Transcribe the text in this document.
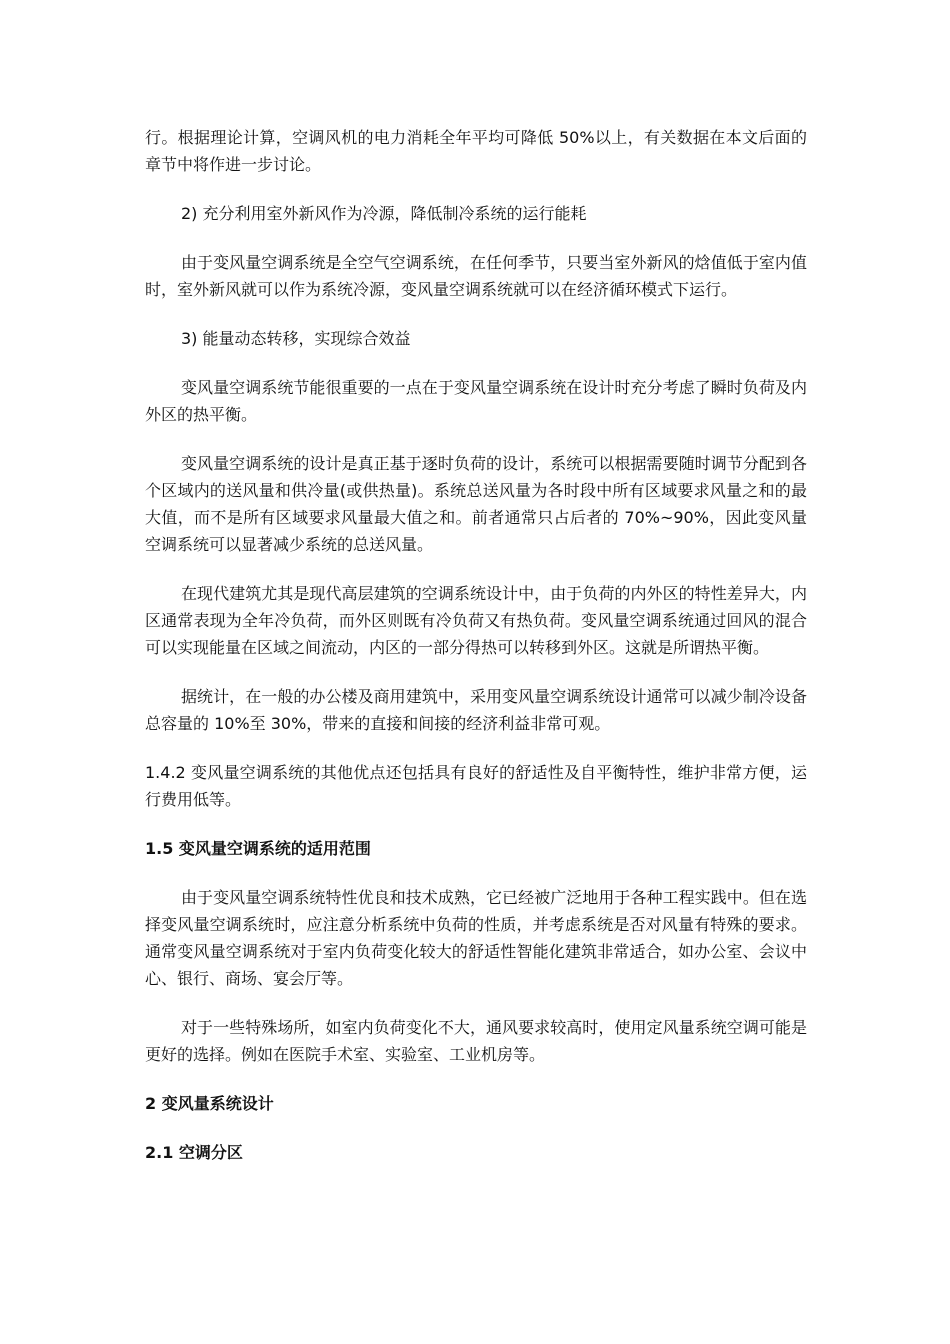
行。根据理论计算，空调风机的电力消耗全年平均可降低 50%以上，有关数据在本文后面的章节中将作进一步讨论。

2) 充分利用室外新风作为冷源，降低制冷系统的运行能耗

由于变风量空调系统是全空气空调系统，在任何季节，只要当室外新风的焓值低于室内值时，室外新风就可以作为系统冷源，变风量空调系统就可以在经济循环模式下运行。

3) 能量动态转移，实现综合效益

变风量空调系统节能很重要的一点在于变风量空调系统在设计时充分考虑了瞬时负荷及内外区的热平衡。

变风量空调系统的设计是真正基于逐时负荷的设计，系统可以根据需要随时调节分配到各个区域内的送风量和供冷量(或供热量)。系统总送风量为各时段中所有区域要求风量之和的最大值，而不是所有区域要求风量最大值之和。前者通常只占后者的 70%~90%，因此变风量空调系统可以显著减少系统的总送风量。

在现代建筑尤其是现代高层建筑的空调系统设计中，由于负荷的内外区的特性差异大，内区通常表现为全年冷负荷，而外区则既有冷负荷又有热负荷。变风量空调系统通过回风的混合可以实现能量在区域之间流动，内区的一部分得热可以转移到外区。这就是所谓热平衡。

据统计，在一般的办公楼及商用建筑中，采用变风量空调系统设计通常可以减少制冷设备总容量的 10%至 30%，带来的直接和间接的经济利益非常可观。

1.4.2 变风量空调系统的其他优点还包括具有良好的舒适性及自平衡特性，维护非常方便，运行费用低等。

1.5 变风量空调系统的适用范围

由于变风量空调系统特性优良和技术成熟，它已经被广泛地用于各种工程实践中。但在选择变风量空调系统时，应注意分析系统中负荷的性质，并考虑系统是否对风量有特殊的要求。通常变风量空调系统对于室内负荷变化较大的舒适性智能化建筑非常适合，如办公室、会议中心、银行、商场、宴会厅等。

对于一些特殊场所，如室内负荷变化不大，通风要求较高时，使用定风量系统空调可能是更好的选择。例如在医院手术室、实验室、工业机房等。

2 变风量系统设计

2.1 空调分区
